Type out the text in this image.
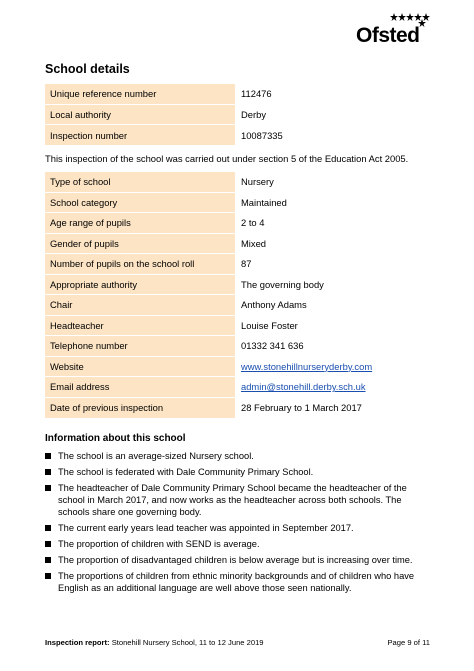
Ofsted
School details
Unique reference number	112476
Local authority	Derby
Inspection number	10087335
This inspection of the school was carried out under section 5 of the Education Act 2005.
Type of school	Nursery
School category	Maintained
Age range of pupils	2 to 4
Gender of pupils	Mixed
Number of pupils on the school roll	87
Appropriate authority	The governing body
Chair	Anthony Adams
Headteacher	Louise Foster
Telephone number	01332 341 636
Website	www.stonehillnurseryderby.com
Email address	admin@stonehill.derby.sch.uk
Date of previous inspection	28 February to 1 March 2017
Information about this school
The school is an average-sized Nursery school.
The school is federated with Dale Community Primary School.
The headteacher of Dale Community Primary School became the headteacher of the school in March 2017, and now works as the headteacher across both schools. The schools share one governing body.
The current early years lead teacher was appointed in September 2017.
The proportion of children with SEND is average.
The proportion of disadvantaged children is below average but is increasing over time.
The proportions of children from ethnic minority backgrounds and of children who have English as an additional language are well above those seen nationally.
Inspection report: Stonehill Nursery School, 11 to 12 June 2019	Page 9 of 11
